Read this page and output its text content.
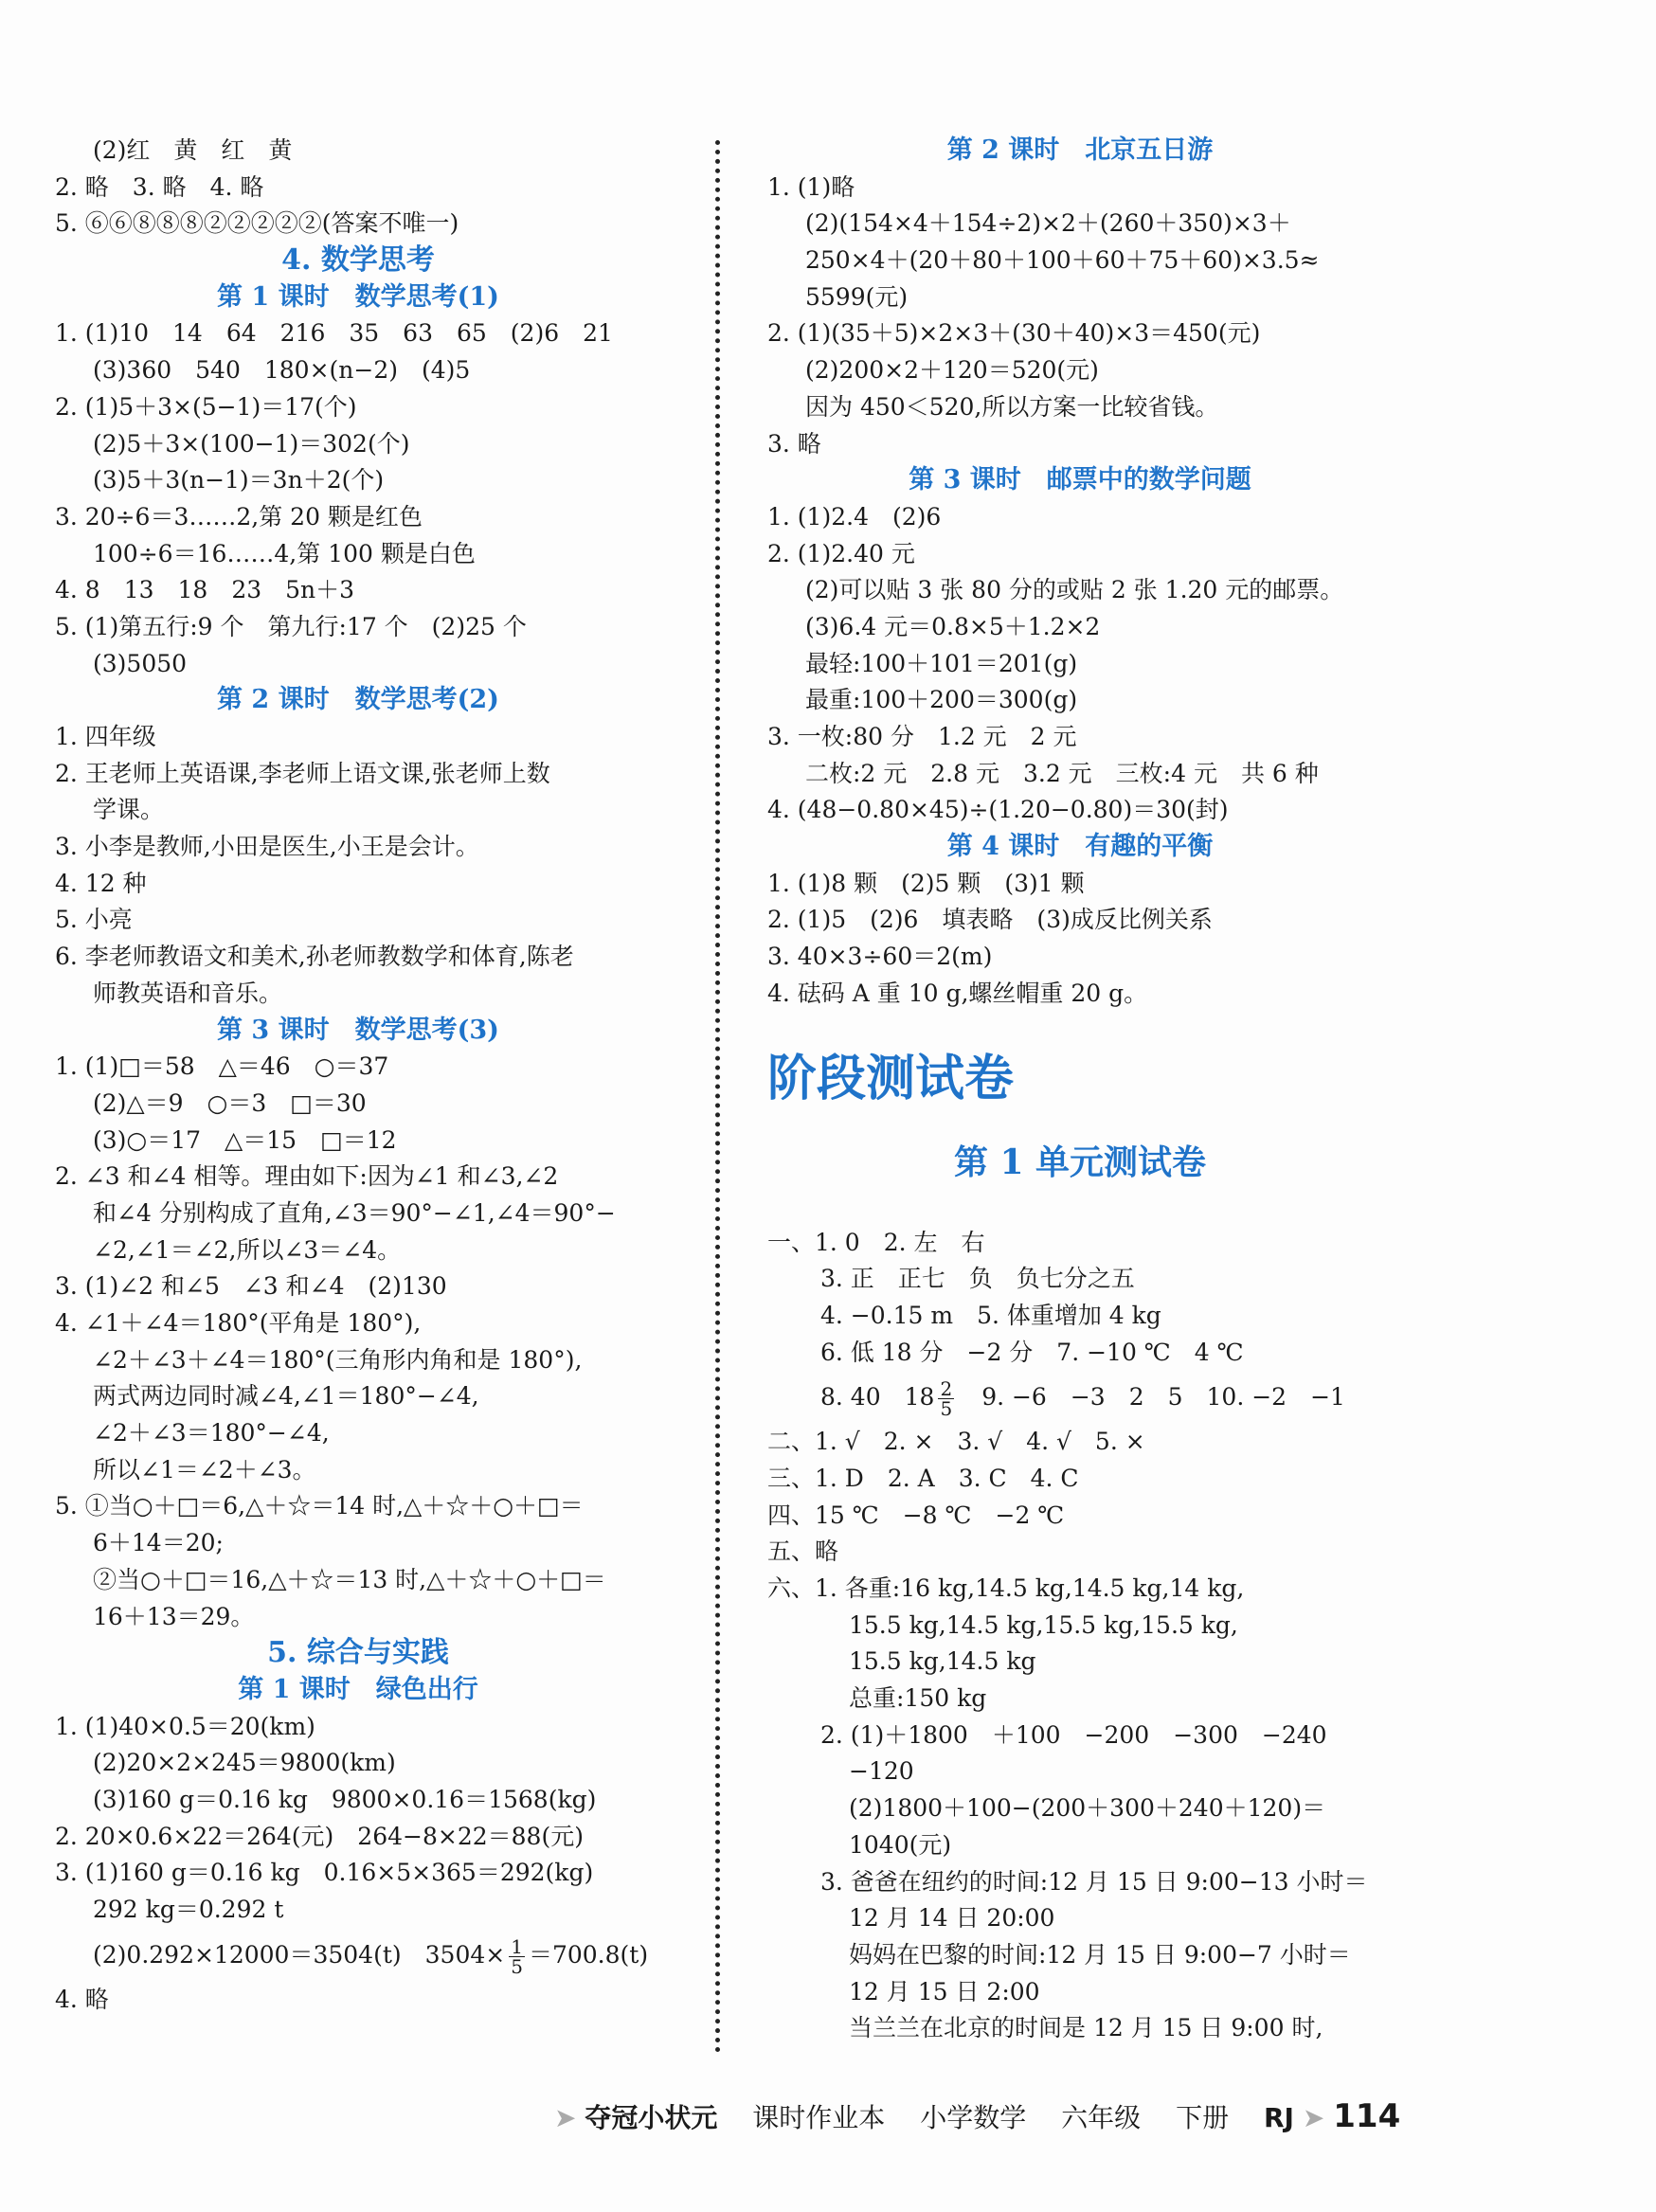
(2)红　黄　红　黄
2. 略　3. 略　4. 略
5. ⑥⑥⑧⑧⑧②②②②②(答案不唯一)
4. 数学思考
第 1 课时　数学思考(1)
1. (1)10　14　64　216　35　63　65　(2)6　21
(3)360　540　180×(n−2)　(4)5
2. (1)5＋3×(5−1)＝17(个)
(2)5＋3×(100−1)＝302(个)
(3)5＋3(n−1)＝3n＋2(个)
3. 20÷6＝3……2,第 20 颗是红色
100÷6＝16……4,第 100 颗是白色
4. 8　13　18　23　5n＋3
5. (1)第五行:9 个　第九行:17 个　(2)25 个
(3)5050
第 2 课时　数学思考(2)
1. 四年级
2. 王老师上英语课,李老师上语文课,张老师上数
学课。
3. 小李是教师,小田是医生,小王是会计。
4. 12 种
5. 小亮
6. 李老师教语文和美术,孙老师教数学和体育,陈老
师教英语和音乐。
第 3 课时　数学思考(3)
1. (1)□＝58　△＝46　○＝37
(2)△＝9　○＝3　□＝30
(3)○＝17　△＝15　□＝12
2. ∠3 和∠4 相等。理由如下:因为∠1 和∠3,∠2
和∠4 分别构成了直角,∠3＝90°−∠1,∠4＝90°−
∠2,∠1＝∠2,所以∠3＝∠4。
3. (1)∠2 和∠5　∠3 和∠4　(2)130
4. ∠1＋∠4＝180°(平角是 180°),
∠2＋∠3＋∠4＝180°(三角形内角和是 180°),
两式两边同时减∠4,∠1＝180°−∠4,
∠2＋∠3＝180°−∠4,
所以∠1＝∠2＋∠3。
5. ①当○＋□＝6,△＋☆＝14 时,△＋☆＋○＋□＝
6＋14＝20;
②当○＋□＝16,△＋☆＝13 时,△＋☆＋○＋□＝
16＋13＝29。
5. 综合与实践
第 1 课时　绿色出行
1. (1)40×0.5＝20(km)
(2)20×2×245＝9800(km)
(3)160 g＝0.16 kg　9800×0.16＝1568(kg)
2. 20×0.6×22＝264(元)　264−8×22＝88(元)
3. (1)160 g＝0.16 kg　0.16×5×365＝292(kg)
292 kg＝0.292 t
(2)0.292×12000＝3504(t)　$3504\times \frac{1}{5} =700.8(t)$
4. 略
第 2 课时　北京五日游
1. (1)略
(2)(154×4＋154÷2)×2＋(260＋350)×3＋
250×4＋(20＋80＋100＋60＋75＋60)×3.5≈
5599(元)
2. (1)(35＋5)×2×3＋(30＋40)×3＝450(元)
(2)200×2＋120＝520(元)
因为 450＜520,所以方案一比较省钱。
3. 略
第 3 课时　邮票中的数学问题
1. (1)2.4　(2)6
2. (1)2.40 元
(2)可以贴 3 张 80 分的或贴 2 张 1.20 元的邮票。
(3)6.4 元＝0.8×5＋1.2×2
最轻:100＋101＝201(g)
最重:100＋200＝300(g)
3. 一枚:80 分　1.2 元　2 元
二枚:2 元　2.8 元　3.2 元　三枚:4 元　共 6 种
4. (48−0.80×45)÷(1.20−0.80)＝30(封)
第 4 课时　有趣的平衡
1. (1)8 颗　(2)5 颗　(3)1 颗
2. (1)5　(2)6　填表略　(3)成反比例关系
3. 40×3÷60＝2(m)
4. 砝码 A 重 10 g,螺丝帽重 20 g。
阶段测试卷
第 1 单元测试卷
一、1. 0　2. 左　右
3. 正　正七　负　负七分之五
4. −0.15 m　5. 体重增加 4 kg
6. 低 18 分　−2 分　7. −10 ℃　4 ℃
8. 40　$18 \frac{2}{5}$
　 9. −6　−3　2　5　10. −2　−1
二、1. √　2. ×　3. √　4. √　5. ×
三、1. D　2. A　3. C　4. C
四、15 ℃　−8 ℃　−2 ℃
五、略
六、1. 各重:16 kg,14.5 kg,14.5 kg,14 kg,
15.5 kg,14.5 kg,15.5 kg,15.5 kg,
15.5 kg,14.5 kg
总重:150 kg
2. (1)＋1800　＋100　−200　−300　−240
−120
(2)1800＋100−(200＋300＋240＋120)＝
1040(元)
3. 爸爸在纽约的时间:12 月 15 日 9:00−13 小时＝
12 月 14 日 20:00
妈妈在巴黎的时间:12 月 15 日 9:00−7 小时＝
12 月 15 日 2:00
当兰兰在北京的时间是 12 月 15 日 9:00 时,
➤ 夺冠小状元　 课时作业本　 小学数学　 六年级　 下册　 RJ ➤ 114
